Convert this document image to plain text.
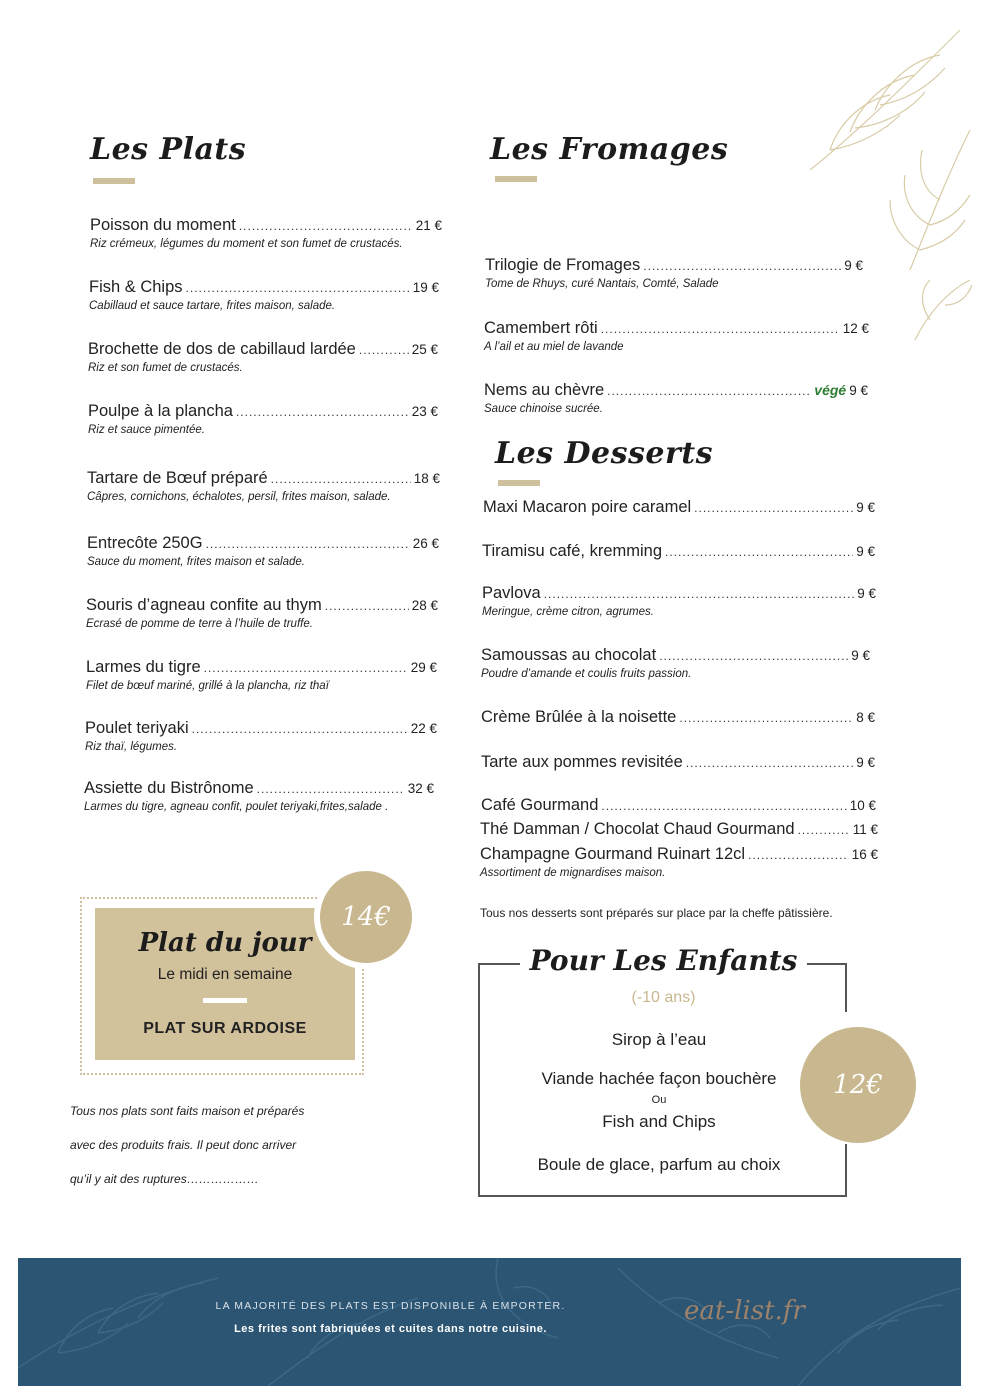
Les Plats
Poisson du moment .....	21 €
Riz crémeux, légumes du moment et son fumet de crustacés.
Fish & Chips .....	19 €
Cabillaud et sauce tartare, frites maison, salade.
Brochette de dos de cabillaud lardée .....	25 €
Riz et son fumet de crustacés.
Poulpe à la plancha .....	23 €
Riz et sauce pimentée.
Tartare de Bœuf préparé .....	18 €
Câpres, cornichons, échalotes, persil, frites maison, salade.
Entrecôte 250G .....	26 €
Sauce du moment, frites maison et salade.
Souris d’agneau confite au thym .....	28 €
Ecrasé de pomme de terre à l’huile de truffe.
Larmes du tigre .....	29 €
Filet de bœuf mariné, grillé à la plancha, riz thaï
Poulet teriyaki .....	22 €
Riz thaï, légumes.
Assiette du Bistrônome .....	32 €
Larmes du tigre, agneau confit, poulet teriyaki,frites,salade .
Plat du jour
Le midi en semaine
PLAT SUR ARDOISE
14€
Tous nos plats sont faits maison et préparés
avec des produits frais. Il peut donc arriver
qu’il y ait des ruptures………………
Les Fromages
Trilogie de Fromages .....	9 €
Tome de Rhuys, curé Nantais, Comté, Salade
Camembert rôti .....	12 €
A l’ail et au miel de lavande
Nems au chèvre .....	végé 9 €
Sauce chinoise sucrée.
Les Desserts
Maxi Macaron poire caramel .....	9 €
Tiramisu café, kremming .....	9 €
Pavlova .....	9 €
Meringue, crème citron, agrumes.
Samoussas au chocolat .....	9 €
Poudre d’amande et coulis fruits passion.
Crème Brûlée à la noisette .....	8 €
Tarte aux pommes revisitée .....	9 €
Café Gourmand .....	10 €
Thé Damman / Chocolat Chaud Gourmand .....	11 €
Champagne Gourmand Ruinart 12cl .....	16 €
Assortiment de mignardises maison.
Tous nos desserts sont préparés sur place par la cheffe pâtissière.
Pour Les Enfants
(-10 ans)
Sirop à l’eau
Viande hachée façon bouchère
Ou
Fish and Chips
Boule de glace, parfum au choix
12€
LA MAJORITÉ DES PLATS EST DISPONIBLE À EMPORTER.
Les frites sont fabriquées et cuites dans notre cuisine.
eat-list.fr
